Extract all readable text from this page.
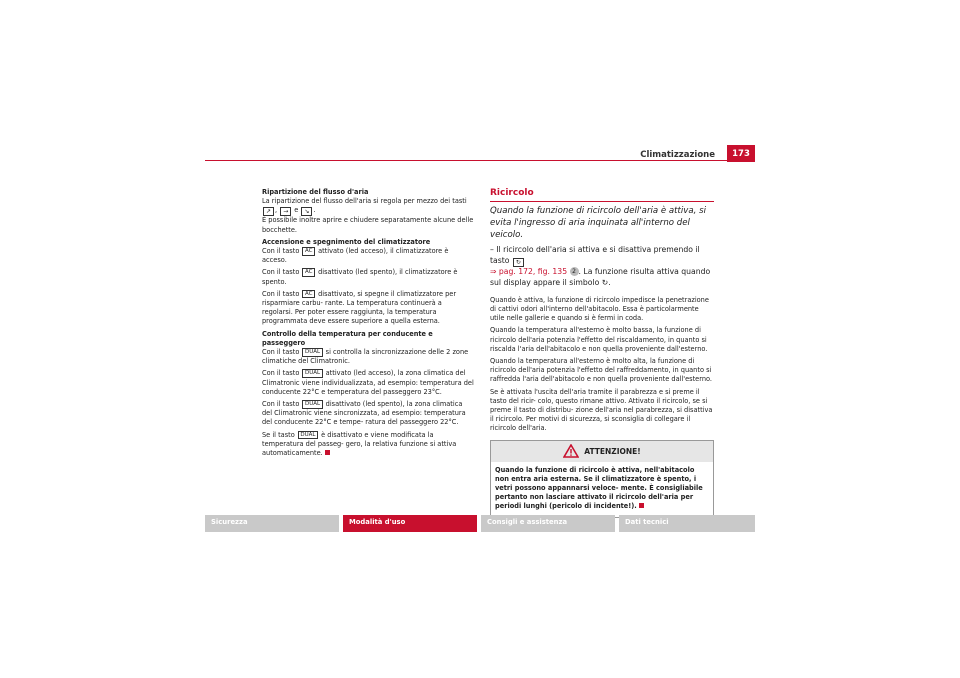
Climatizzazione	173

Ripartizione del flusso d'aria

La ripartizione del flusso dell'aria si regola per mezzo dei tasti ↗ , → e ↘ .
È possibile inoltre aprire e chiudere separatamente alcune delle bocchette.

Accensione e spegnimento del climatizzatore

Con il tasto AC attivato (led acceso), il climatizzatore è acceso.

Con il tasto AC disattivato (led spento), il climatizzatore è spento.

Con il tasto AC disattivato, si spegne il climatizzatore per risparmiare carbu- rante. La temperatura continuerà a regolarsi. Per poter essere raggiunta, la temperatura programmata deve essere superiore a quella esterna.

Controllo della temperatura per conducente e passeggero

Con il tasto DUAL si controlla la sincronizzazione delle 2 zone climatiche del Climatronic.

Con il tasto DUAL attivato (led acceso), la zona climatica del Climatronic viene individualizzata, ad esempio: temperatura del conducente 22°C e temperatura del passeggero 23°C.

Con il tasto DUAL disattivato (led spento), la zona climatica del Climatronic viene sincronizzata, ad esempio: temperatura del conducente 22°C e tempe- ratura del passeggero 22°C.

Se il tasto DUAL è disattivato e viene modificata la temperatura del passeg- gero, la relativa funzione si attiva automaticamente.

Ricircolo

Quando la funzione di ricircolo dell'aria è attiva, si evita l'ingresso di aria inquinata all'interno del veicolo.

– Il ricircolo dell'aria si attiva e si disattiva premendo il tasto ↻
⇒ pag. 172, fig. 135 2 . La funzione risulta attiva quando sul display appare il simbolo ↻.

Quando è attiva, la funzione di ricircolo impedisce la penetrazione di cattivi odori all'interno dell'abitacolo. Essa è particolarmente utile nelle gallerie e quando si è fermi in coda.

Quando la temperatura all'esterno è molto bassa, la funzione di ricircolo dell'aria potenzia l'effetto del riscaldamento, in quanto si riscalda l'aria dell'abitacolo e non quella proveniente dall'esterno.

Quando la temperatura all'esterno è molto alta, la funzione di ricircolo dell'aria potenzia l'effetto del raffreddamento, in quanto si raffredda l'aria dell'abitacolo e non quella proveniente dall'esterno.

Se è attivata l'uscita dell'aria tramite il parabrezza e si preme il tasto del ricir- colo, questo rimane attivo. Attivato il ricircolo, se si preme il tasto di distribu- zione dell'aria nel parabrezza, si disattiva il ricircolo. Per motivi di sicurezza, si sconsiglia di collegare il ricircolo dell'aria.

ATTENZIONE!
Quando la funzione di ricircolo è attiva, nell'abitacolo non entra aria esterna. Se il climatizzatore è spento, i vetri possono appannarsi veloce- mente. È consigliabile pertanto non lasciare attivato il ricircolo dell'aria per periodi lunghi (pericolo di incidente!).
Sicurezza	Modalità d'uso	Consigli e assistenza	Dati tecnici
